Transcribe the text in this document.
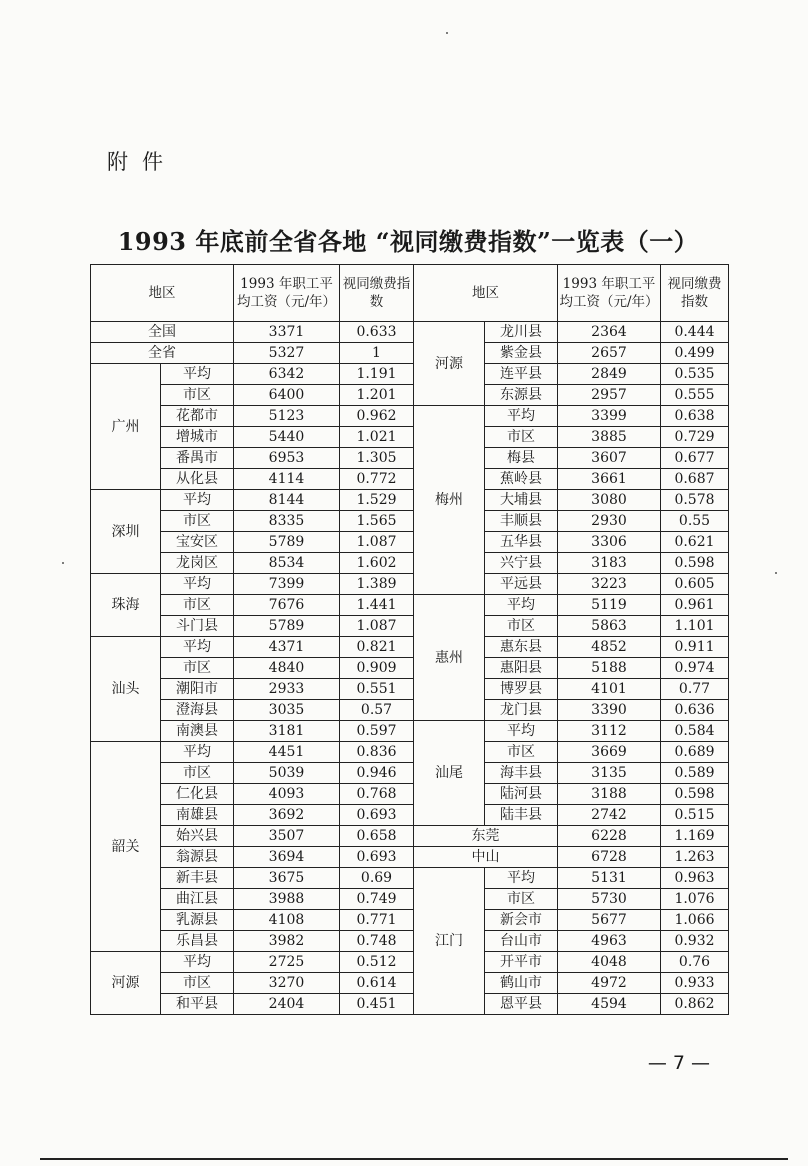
附件
1993 年底前全省各地 “视同缴费指数”一览表（一）
地区		1993 年职工平均工资（元/年）	视同缴费指数	地区		1993 年职工平均工资（元/年）	视同缴费指数
全国		3371	0.633	河源	龙川县	2364	0.444
全省		5327	1		紫金县	2657	0.499
广州	平均	6342	1.191		连平县	2849	0.535
	市区	6400	1.201		东源县	2957	0.555
	花都市	5123	0.962	梅州	平均	3399	0.638
	增城市	5440	1.021		市区	3885	0.729
	番禺市	6953	1.305		梅县	3607	0.677
	从化县	4114	0.772		蕉岭县	3661	0.687
深圳	平均	8144	1.529		大埔县	3080	0.578
	市区	8335	1.565		丰顺县	2930	0.55
	宝安区	5789	1.087		五华县	3306	0.621
	龙岗区	8534	1.602		兴宁县	3183	0.598
珠海	平均	7399	1.389		平远县	3223	0.605
	市区	7676	1.441	惠州	平均	5119	0.961
	斗门县	5789	1.087		市区	5863	1.101
汕头	平均	4371	0.821		惠东县	4852	0.911
	市区	4840	0.909		惠阳县	5188	0.974
	潮阳市	2933	0.551		博罗县	4101	0.77
	澄海县	3035	0.57		龙门县	3390	0.636
	南澳县	3181	0.597	汕尾	平均	3112	0.584
韶关	平均	4451	0.836		市区	3669	0.689
	市区	5039	0.946		海丰县	3135	0.589
	仁化县	4093	0.768		陆河县	3188	0.598
	南雄县	3692	0.693		陆丰县	2742	0.515
	始兴县	3507	0.658	东莞		6228	1.169
	翁源县	3694	0.693	中山		6728	1.263
	新丰县	3675	0.69	江门	平均	5131	0.963
	曲江县	3988	0.749		市区	5730	1.076
	乳源县	4108	0.771		新会市	5677	1.066
	乐昌县	3982	0.748		台山市	4963	0.932
河源	平均	2725	0.512		开平市	4048	0.76
	市区	3270	0.614		鹤山市	4972	0.933
	和平县	2404	0.451		恩平县	4594	0.862
— 7 —
